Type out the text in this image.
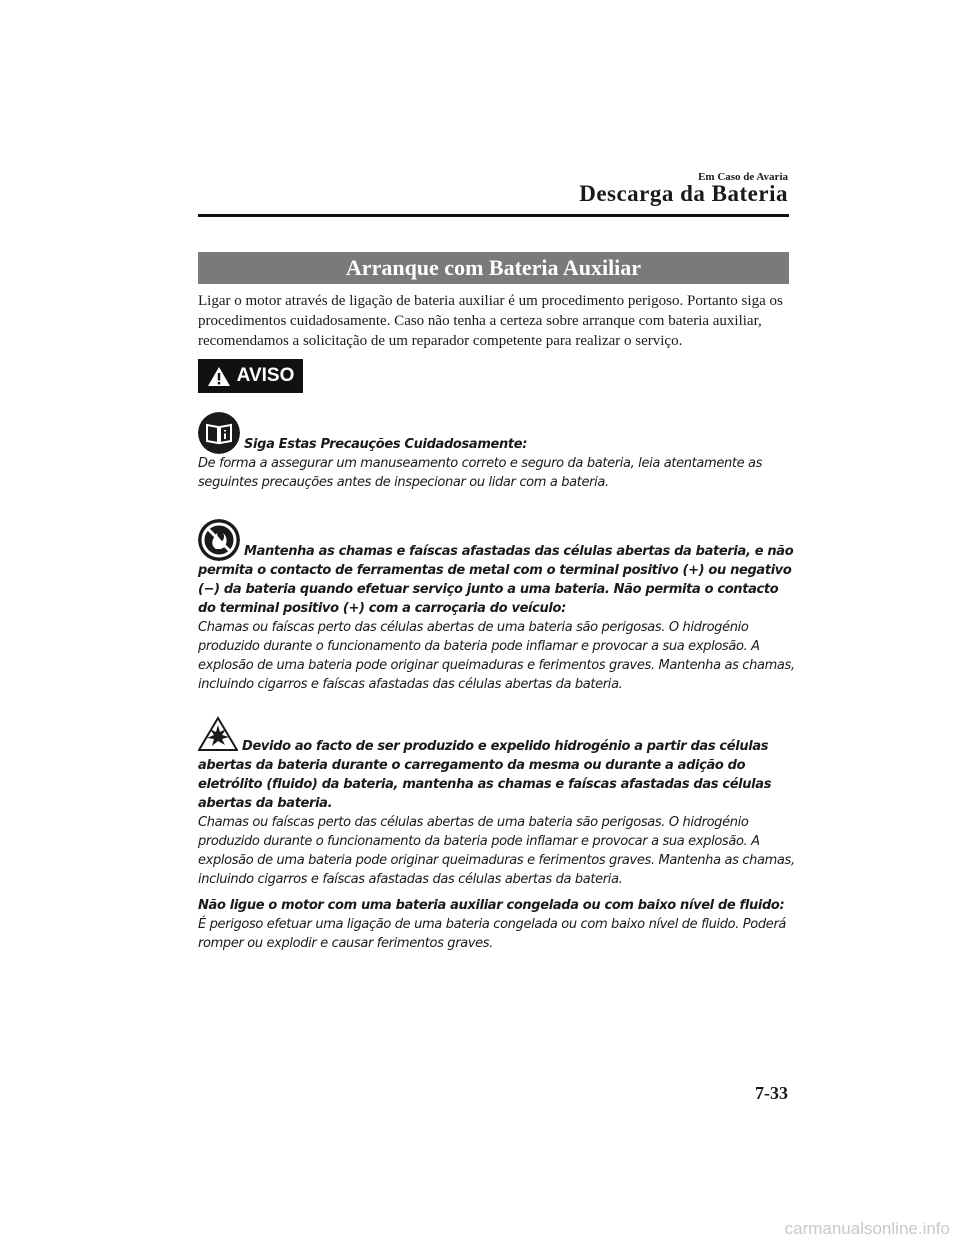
Em Caso de Avaria
Descarga da Bateria
Arranque com Bateria Auxiliar
Ligar o motor através de ligação de bateria auxiliar é um procedimento perigoso. Portanto siga os procedimentos cuidadosamente. Caso não tenha a certeza sobre arranque com bateria auxiliar, recomendamos a solicitação de um reparador competente para realizar o serviço.
AVISO
Siga Estas Precauções Cuidadosamente:
De forma a assegurar um manuseamento correto e seguro da bateria, leia atentamente as seguintes precauções antes de inspecionar ou lidar com a bateria.
Mantenha as chamas e faíscas afastadas das células abertas da bateria, e não permita o contacto de ferramentas de metal com o terminal positivo (+) ou negativo (−) da bateria quando efetuar serviço junto a uma bateria. Não permita o contacto do terminal positivo (+) com a carroçaria do veículo:
Chamas ou faíscas perto das células abertas de uma bateria são perigosas. O hidrogénio produzido durante o funcionamento da bateria pode inflamar e provocar a sua explosão. A explosão de uma bateria pode originar queimaduras e ferimentos graves. Mantenha as chamas, incluindo cigarros e faíscas afastadas das células abertas da bateria.
Devido ao facto de ser produzido e expelido hidrogénio a partir das células abertas da bateria durante o carregamento da mesma ou durante a adição do eletrólito (fluido) da bateria, mantenha as chamas e faíscas afastadas das células abertas da bateria.
Chamas ou faíscas perto das células abertas de uma bateria são perigosas. O hidrogénio produzido durante o funcionamento da bateria pode inflamar e provocar a sua explosão. A explosão de uma bateria pode originar queimaduras e ferimentos graves. Mantenha as chamas, incluindo cigarros e faíscas afastadas das células abertas da bateria.
Não ligue o motor com uma bateria auxiliar congelada ou com baixo nível de fluido:
É perigoso efetuar uma ligação de uma bateria congelada ou com baixo nível de fluido. Poderá romper ou explodir e causar ferimentos graves.
7-33
carmanualsonline.info
